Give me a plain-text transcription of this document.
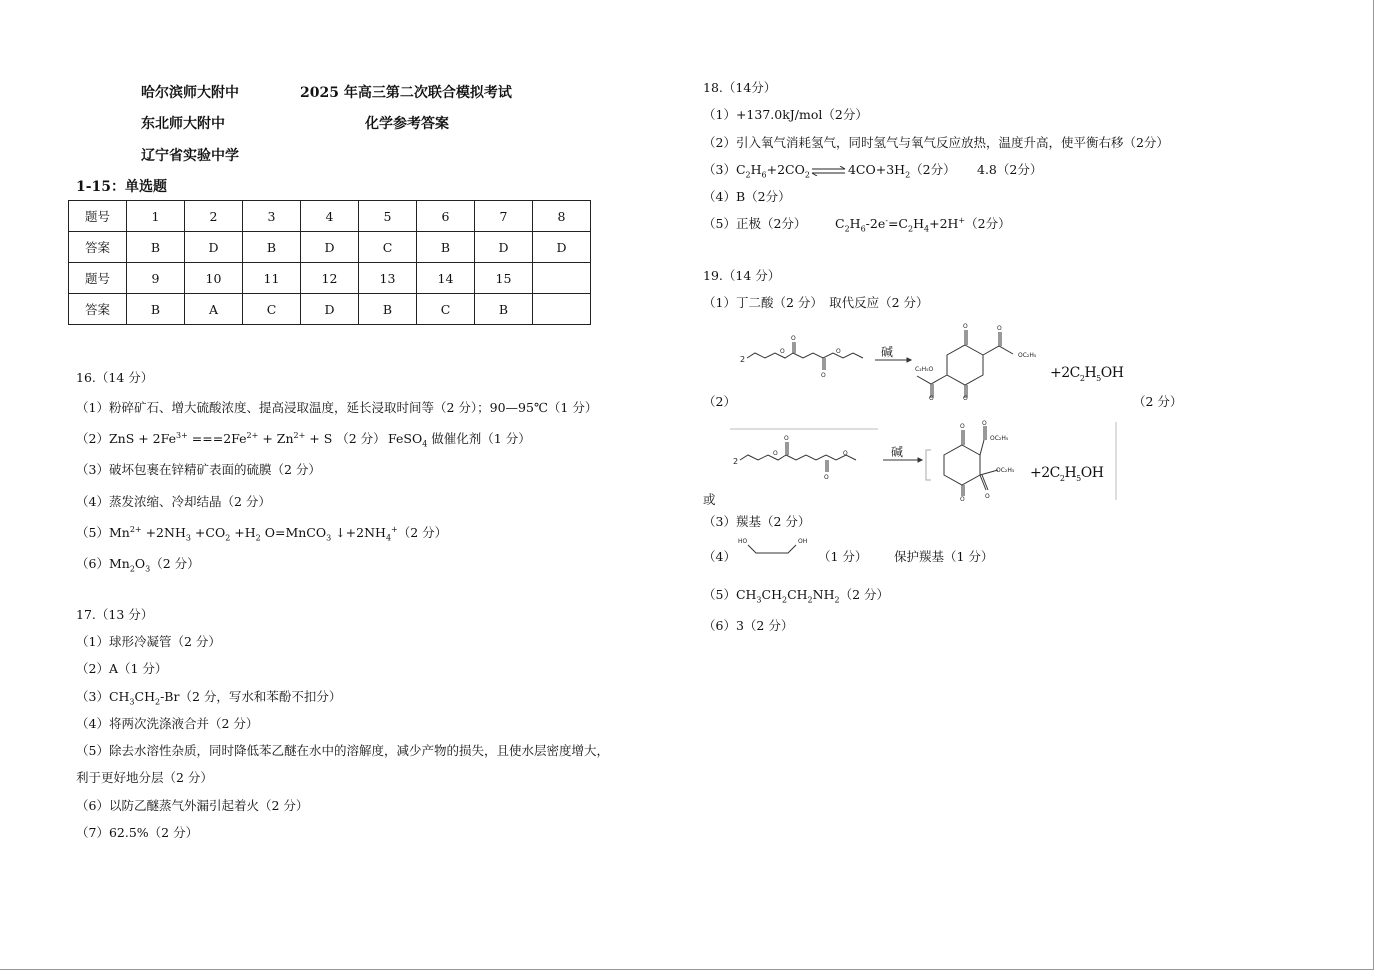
哈尔滨师大附中	2025 年高三第二次联合模拟考试
东北师大附中	化学参考答案
辽宁省实验中学
1-15：单选题
题号	1	2	3	4	5	6	7	8
答案	B	D	B	D	C	B	D	D
题号	9	10	11	12	13	14	15	
答案	B	A	C	D	B	C	B	
16.（14 分）
（1）粉碎矿石、增大硫酸浓度、提高浸取温度，延长浸取时间等（2 分）；90—95℃（1 分）
$(2)ZnS + 2Fe^{3+} ===2Fe^{2+} + Zn^{2+} + S$ （2 分） FeSO$_4$ 做催化剂（1 分）
（3）破坏包裹在锌精矿表面的硫膜（2 分）
（4）蒸发浓缩、冷却结晶（2 分）
$(5)Mn^{2+} +2NH_3 +CO_2 +H_2$ O=MnCO$_3$ $↓+2NH_4^+(2$ 分）
$(6)Mn_2O_3(2$ 分）
17.（13 分）
（1）球形冷凝管（2 分）
（2）A（1 分）
$(3)CH_3CH_2-Br(2$ 分，写水和苯酚不扣分）
（4）将两次洗涤液合并（2 分）
（5）除去水溶性杂质，同时降低苯乙醚在水中的溶解度，减少产物的损失，且使水层密度增大，
利于更好地分层（2 分）
（6）以防乙醚蒸气外漏引起着火（2 分）
（7）62.5%（2 分）
18.（14分）
（1）+137.0kJ/mol（2分）
（2）引入氧气消耗氢气，同时氢气与氧气反应放热，温度升高，使平衡右移（2分）
$(3)C_2H_6+2CO_2\rightleftharpoons 4CO+3H_2(2$分） 4.8（2分）
（4）B（2分）
（5）正极（2分） $C_2H_6-2e^-=C_2H_4+2H^+(2$分）
19.（14 分）
（1）丁二酸（2 分）　取代反应（2 分）
2
O
O
O
O	碱
O
O
O
OC₂H₅
O
C₂H₅O	$+2C_2H_5OH$
（2）	（2 分）
2
O
O
O
O	碱
O
O
O
OC₂H₅
O
$OC_2H_5 +2C_2H_5OH$
或
（3）羰基（2 分）
（4）
HO	OH
（1 分） 保护羰基（1 分）
$(5)CH_3CH_2CH_2NH_2(2$ 分）
（6）3（2 分）
